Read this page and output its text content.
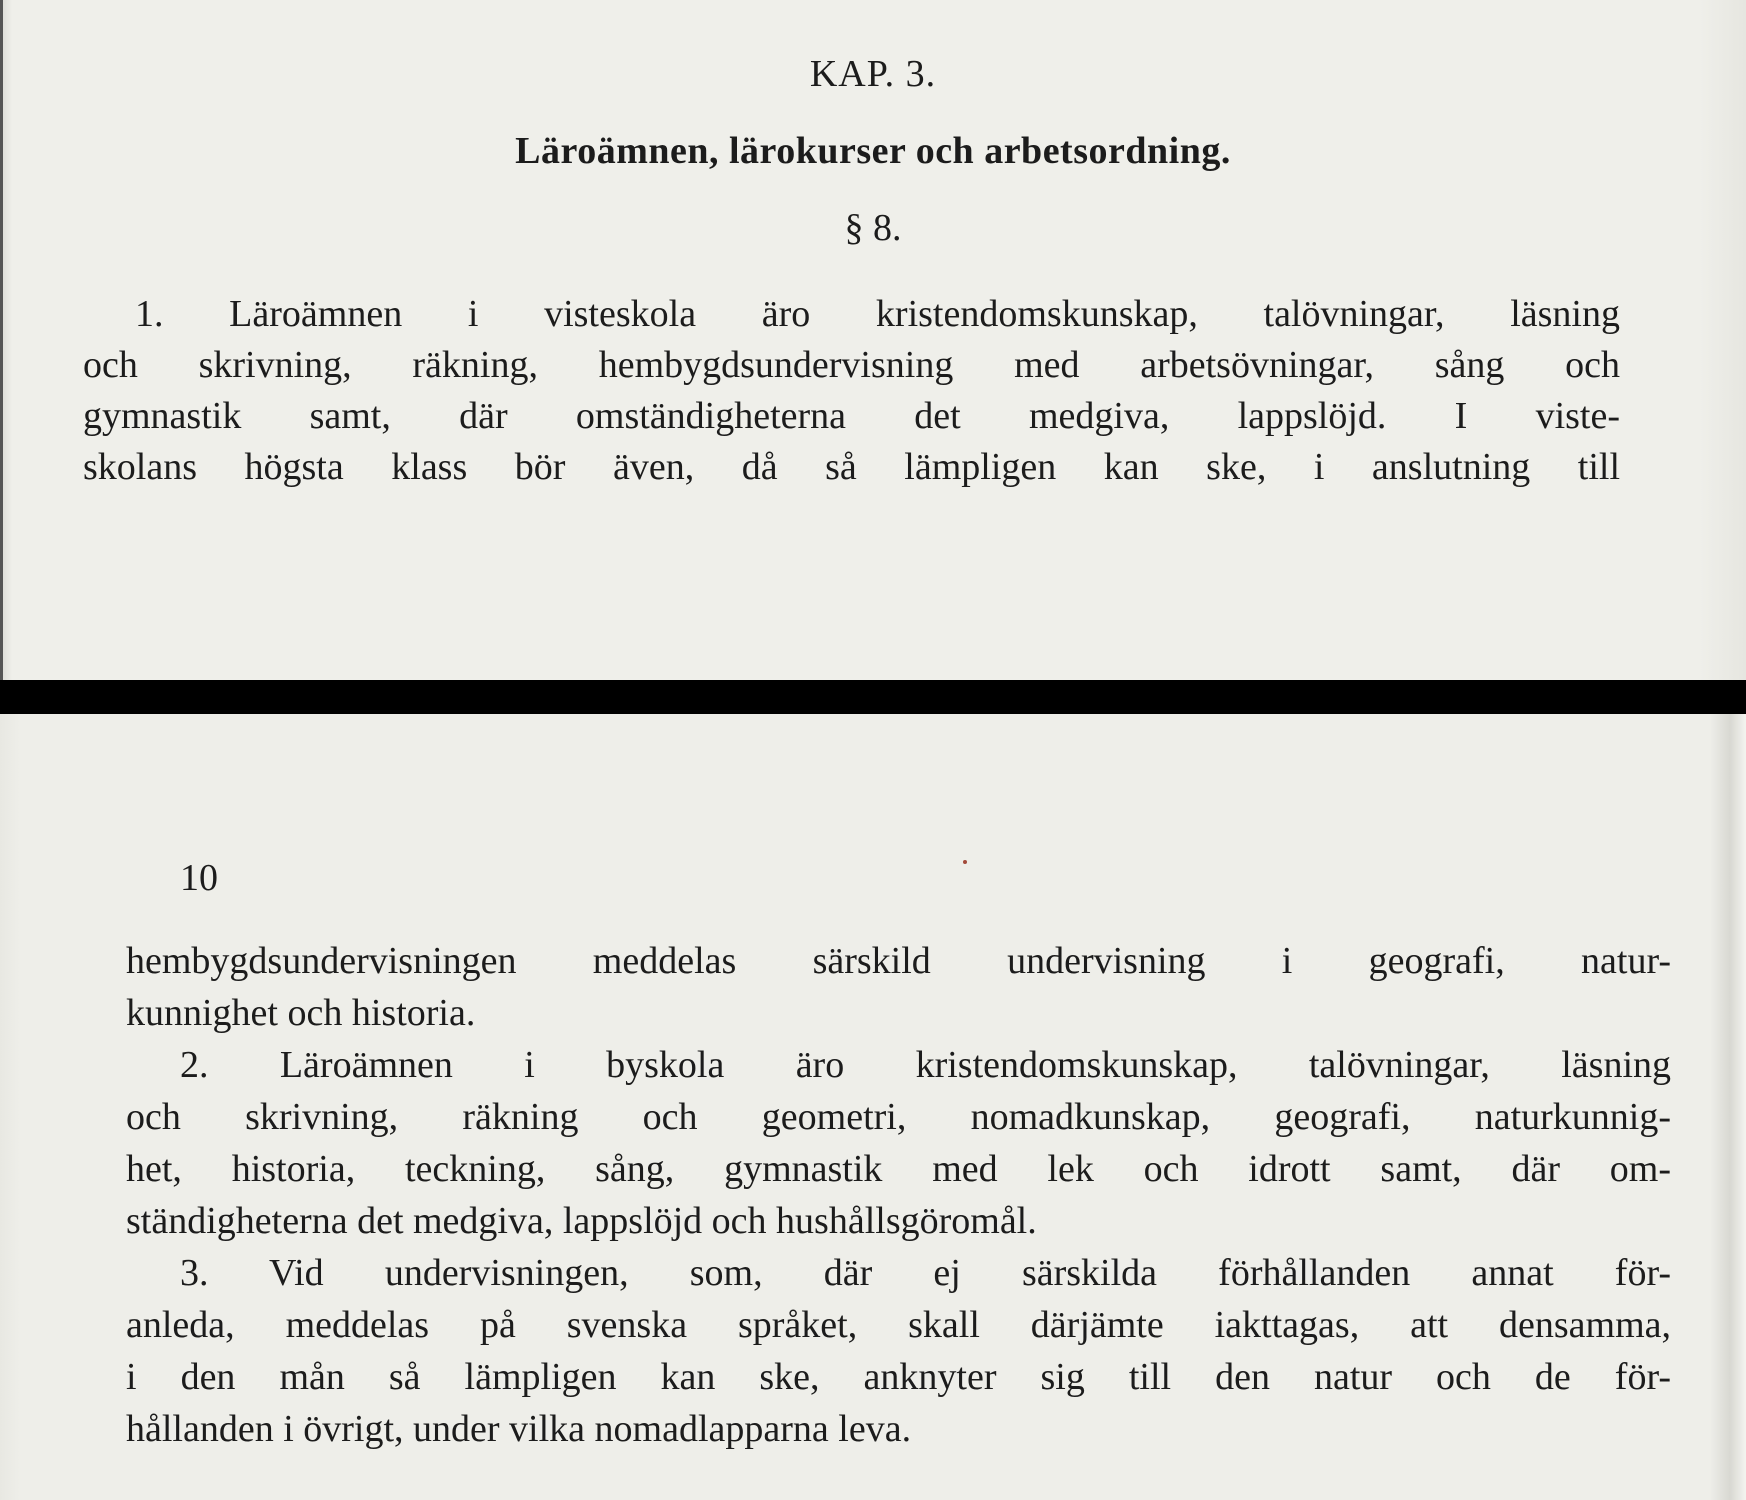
KAP. 3.
Läroämnen, lärokurser och arbetsordning.
§ 8.
1. Läroämnen i visteskola äro kristendomskunskap, talövningar, läsning
och skrivning, räkning, hembygdsundervisning med arbetsövningar, sång och
gymnastik samt, där omständigheterna det medgiva, lappslöjd. I viste-
skolans högsta klass bör även, då så lämpligen kan ske, i anslutning till
10
hembygdsundervisningen meddelas särskild undervisning i geografi, natur-
kunnighet och historia.
2. Läroämnen i byskola äro kristendomskunskap, talövningar, läsning
och skrivning, räkning och geometri, nomadkunskap, geografi, naturkunnig-
het, historia, teckning, sång, gymnastik med lek och idrott samt, där om-
ständigheterna det medgiva, lappslöjd och hushållsgöromål.
3. Vid undervisningen, som, där ej särskilda förhållanden annat för-
anleda, meddelas på svenska språket, skall därjämte iakttagas, att densamma,
i den mån så lämpligen kan ske, anknyter sig till den natur och de för-
hållanden i övrigt, under vilka nomadlapparna leva.
